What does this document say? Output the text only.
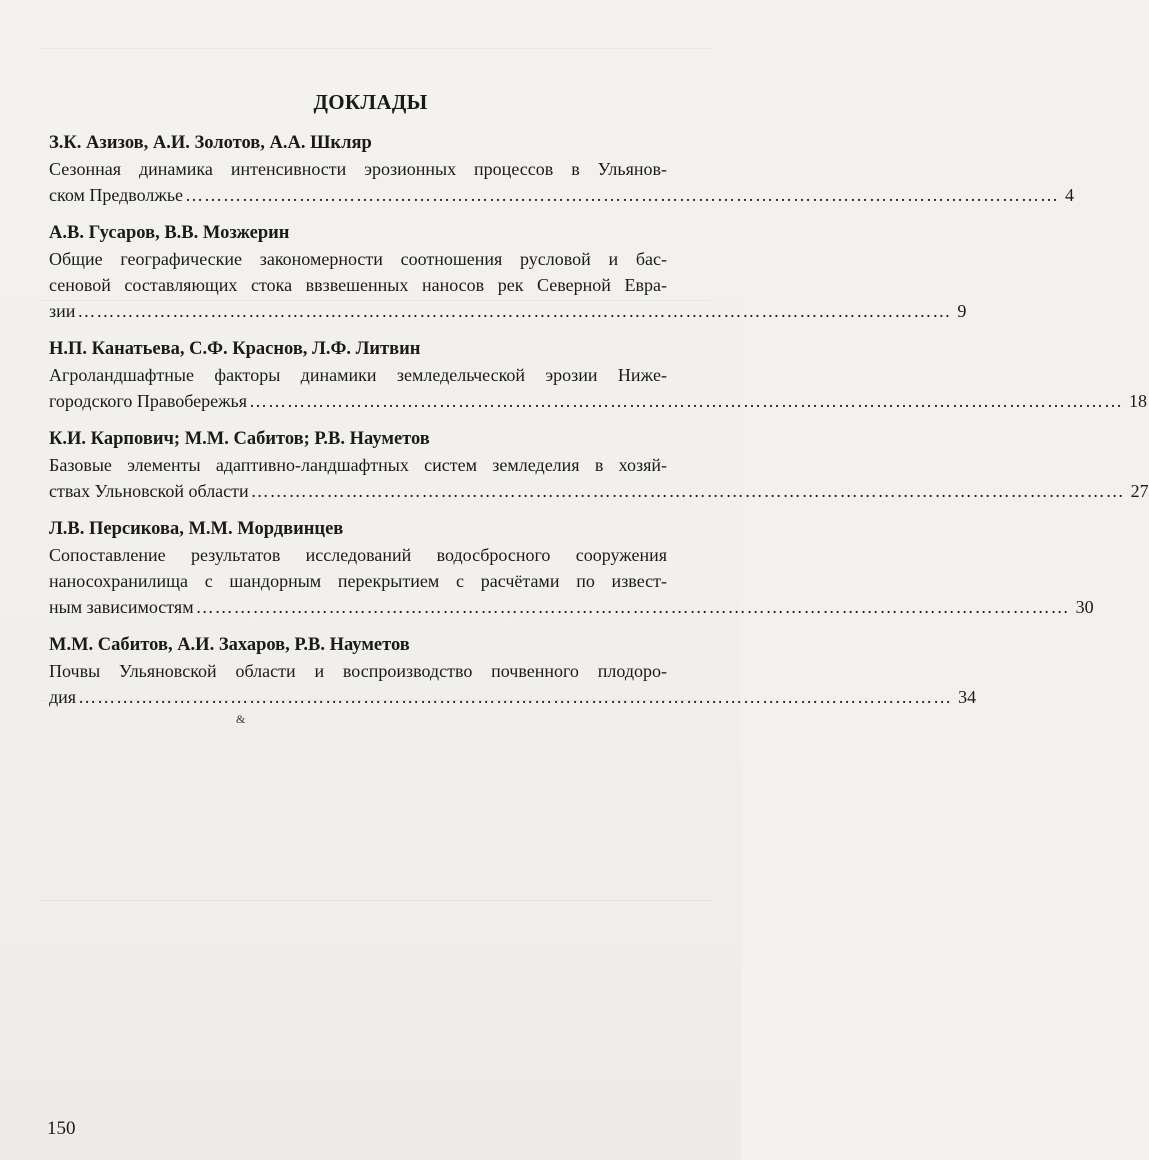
ДОКЛАДЫ
З.К. Азизов, А.И. Золотов, А.А. Шкляр
Сезонная динамика интенсивности эрозионных процессов в Ульянов-
ском Предволжье ………………………………………………………………………………………………………………………… 4
А.В. Гусаров, В.В. Мозжерин
Общие географические закономерности соотношения русловой и бас-
сеновой составляющих стока ввзвешенных наносов рек Северной Евра-
зии ………………………………………………………………………………………………………………………… 9
Н.П. Канатьева, С.Ф. Краснов, Л.Ф. Литвин
Агроландшафтные факторы динамики земледельческой эрозии Нижe-
городского Правобережья ………………………………………………………………………………………………………………………… 18
К.И. Карпович; М.М. Сабитов; Р.В. Науметов
Базовые элементы адаптивно-ландшафтных систем земледелия в хозяй-
ствах Ульновской области ………………………………………………………………………………………………………………………… 27
Л.В. Персикова, М.М. Мордвинцев
Сопоставление результатов исследований водосбросного сооружения
наносохранилища с шандорным перекрытием с расчётами по извест-
ным зависимостям ………………………………………………………………………………………………………………………… 30
М.М. Сабитов, А.И. Захаров, Р.В. Науметов
Почвы Ульяновской области и воспроизводство почвенного плодоро-
дия ………………………………………………………………………………………………………………………… 34
&
150
